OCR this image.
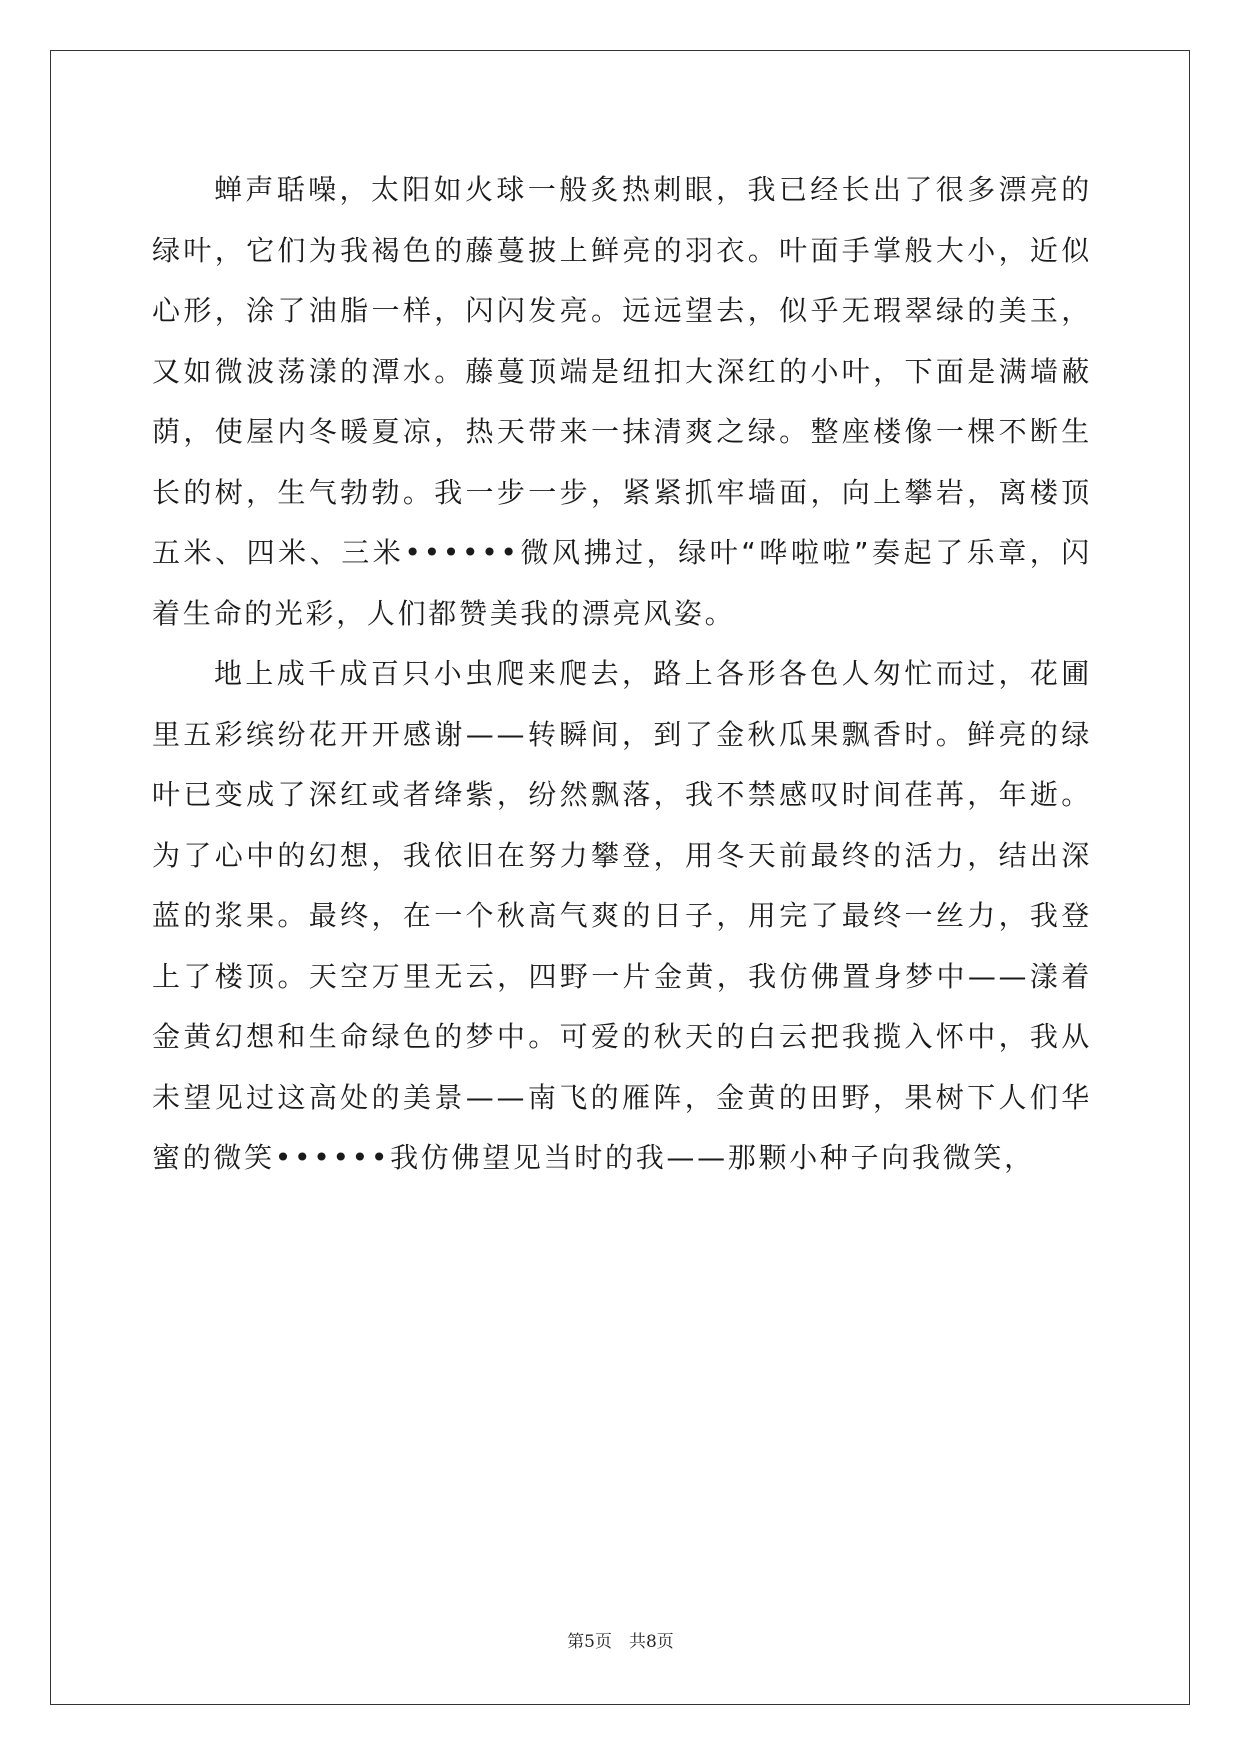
蝉声聒噪，太阳如火球一般炙热刺眼，我已经长出了很多漂亮的绿叶，它们为我褐色的藤蔓披上鲜亮的羽衣。叶面手掌般大小，近似心形，涂了油脂一样，闪闪发亮。远远望去，似乎无瑕翠绿的美玉，又如微波荡漾的潭水。藤蔓顶端是纽扣大深红的小叶，下面是满墙蔽荫，使屋内冬暖夏凉，热天带来一抹清爽之绿。整座楼像一棵不断生长的树，生气勃勃。我一步一步，紧紧抓牢墙面，向上攀岩，离楼顶五米、四米、三米••••••微风拂过，绿叶“哗啦啦”奏起了乐章，闪着生命的光彩，人们都赞美我的漂亮风姿。

地上成千成百只小虫爬来爬去，路上各形各色人匆忙而过，花圃里五彩缤纷花开开感谢——转瞬间，到了金秋瓜果飘香时。鲜亮的绿叶已变成了深红或者绛紫，纷然飘落，我不禁感叹时间荏苒，年逝。为了心中的幻想，我依旧在努力攀登，用冬天前最终的活力，结出深蓝的浆果。最终，在一个秋高气爽的日子，用完了最终一丝力，我登上了楼顶。天空万里无云，四野一片金黄，我仿佛置身梦中——漾着金黄幻想和生命绿色的梦中。可爱的秋天的白云把我揽入怀中，我从未望见过这高处的美景——南飞的雁阵，金黄的田野，果树下人们华蜜的微笑••••••我仿佛望见当时的我——那颗小种子向我微笑，

第5页　共8页
